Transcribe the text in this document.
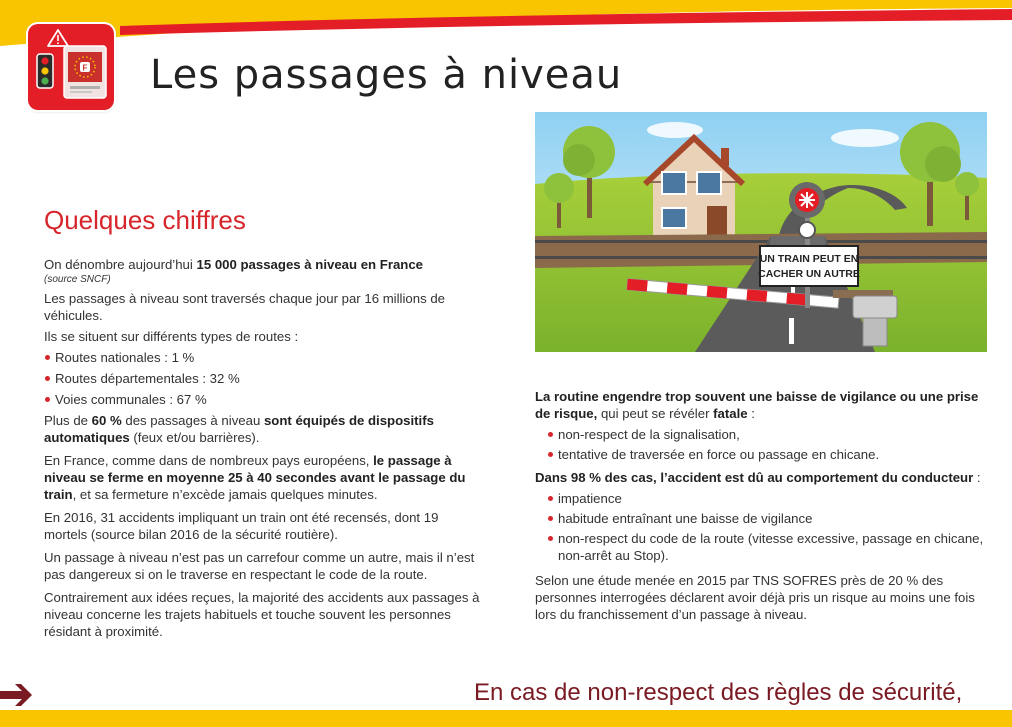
F Les passages à niveau
UN TRAIN PEUT EN
CACHER UN AUTRE
Quelques chiffres

On dénombre aujourd’hui 15 000 passages à niveau en France
(source SNCF)

Les passages à niveau sont traversés chaque jour par 16 millions de véhicules.

Ils se situent sur différents types de routes :

Routes nationales : 1 %
Routes départementales : 32 %
Voies communales : 67 %

Plus de 60 % des passages à niveau sont équipés de dispositifs automatiques (feux et/ou barrières).

En France, comme dans de nombreux pays européens, le passage à niveau se ferme en moyenne 25 à 40 secondes avant le passage du train, et sa fermeture n’excède jamais quelques minutes.

En 2016, 31 accidents impliquant un train ont été recensés, dont 19 mortels (source bilan 2016 de la sécurité routière).

Un passage à niveau n’est pas un carrefour comme un autre, mais il n’est pas dangereux si on le traverse en respectant le code de la route.

Contrairement aux idées reçues, la majorité des accidents aux passages à niveau concerne les trajets habituels et touche souvent les personnes résidant à proximité.

La routine engendre trop souvent une baisse de vigilance ou une prise de risque, qui peut se révéler fatale :

non-respect de la signalisation,
tentative de traversée en force ou passage en chicane.

Dans 98 % des cas, l’accident est dû au comportement du conducteur :

impatience
habitude entraînant une baisse de vigilance
non-respect du code de la route (vitesse excessive, passage en chicane, non-arrêt au Stop).

Selon une étude menée en 2015 par TNS SOFRES près de 20 % des personnes interrogées déclarent avoir déjà pris un risque au moins une fois lors du franchissement d’un passage à niveau.

En cas de non-respect des règles de sécurité,
